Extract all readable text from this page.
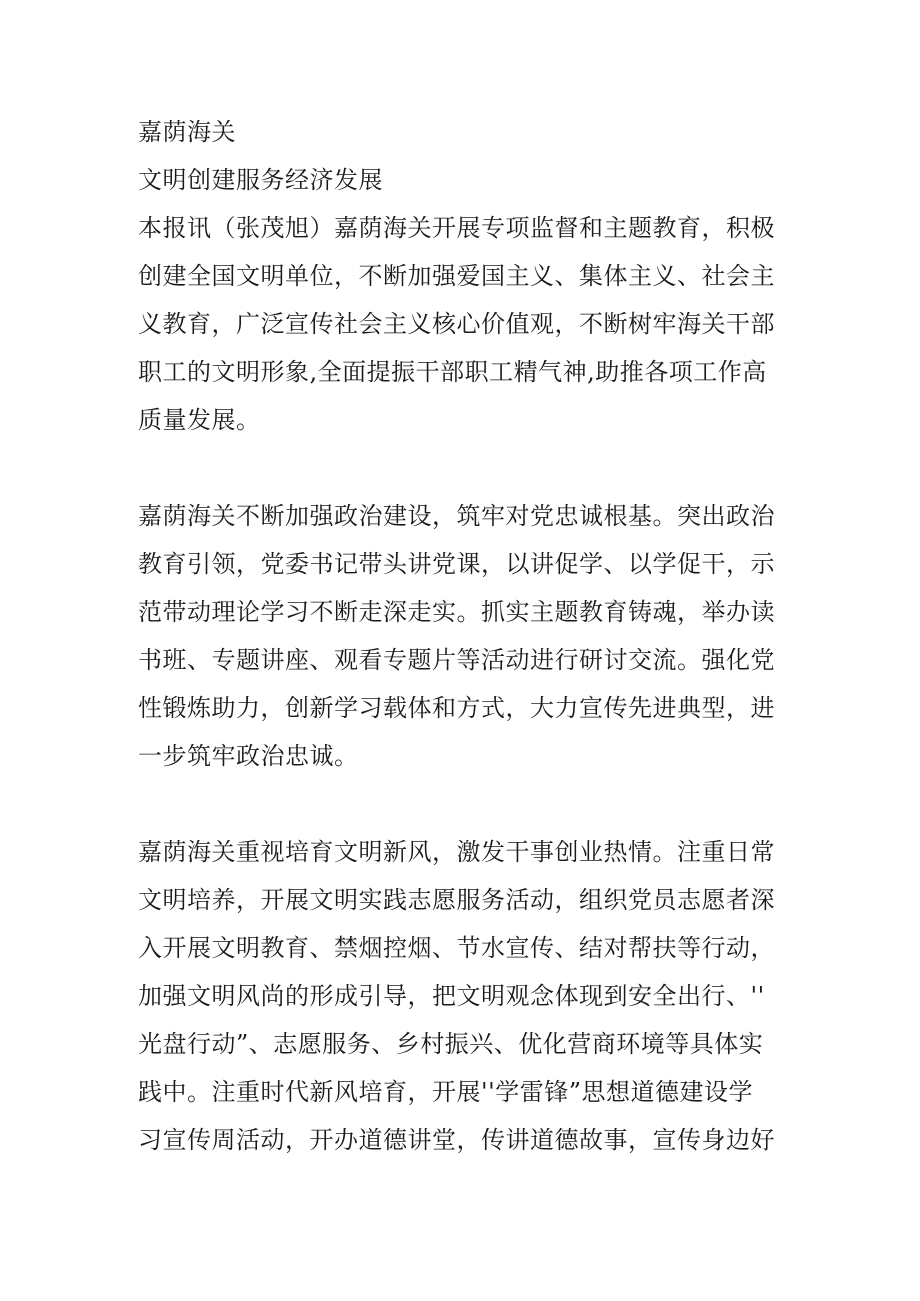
嘉荫海关
文明创建服务经济发展
本报讯（张茂旭）嘉荫海关开展专项监督和主题教育，积极
创建全国文明单位，不断加强爱国主义、集体主义、社会主
义教育，广泛宣传社会主义核心价值观，不断树牢海关干部
职工的文明形象,全面提振干部职工精气神,助推各项工作高
质量发展。
嘉荫海关不断加强政治建设，筑牢对党忠诚根基。突出政治
教育引领，党委书记带头讲党课，以讲促学、以学促干，示
范带动理论学习不断走深走实。抓实主题教育铸魂，举办读
书班、专题讲座、观看专题片等活动进行研讨交流。强化党
性锻炼助力，创新学习载体和方式，大力宣传先进典型，进
一步筑牢政治忠诚。
嘉荫海关重视培育文明新风，激发干事创业热情。注重日常
文明培养，开展文明实践志愿服务活动，组织党员志愿者深
入开展文明教育、禁烟控烟、节水宣传、结对帮扶等行动，
加强文明风尚的形成引导，把文明观念体现到安全出行、''
光盘行动”、志愿服务、乡村振兴、优化营商环境等具体实
践中。注重时代新风培育，开展''学雷锋”思想道德建设学
习宣传周活动，开办道德讲堂，传讲道德故事，宣传身边好
